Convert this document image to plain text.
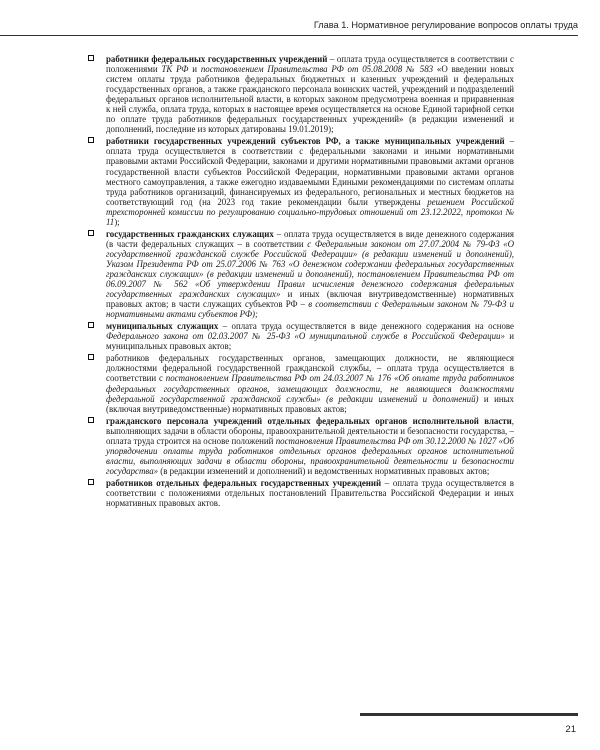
Глава 1. Нормативное регулирование вопросов оплаты труда
работники федеральных государственных учреждений – оплата труда осуществляется в соответствии с положениями ТК РФ и постановлением Правительства РФ от 05.08.2008 № 583 «О введении новых систем оплаты труда работников федеральных бюджетных и казенных учреждений и федеральных государственных органов, а также гражданского персонала воинских частей, учреждений и подразделений федеральных органов исполнительной власти, в которых законом предусмотрена военная и приравненная к ней служба, оплата труда, которых в настоящее время осуществляется на основе Единой тарифной сетки по оплате труда работников федеральных государственных учреждений» (в редакции изменений и дополнений, последние из которых датированы 19.01.2019);
работники государственных учреждений субъектов РФ, а также муниципальных учреждений – оплата труда осуществляется в соответствии с федеральными законами и иными нормативными правовыми актами Российской Федерации, законами и другими нормативными правовыми актами органов государственной власти субъектов Российской Федерации, нормативными правовыми актами органов местного самоуправления, а также ежегодно издаваемыми Едиными рекомендациями по системам оплаты труда работников организаций, финансируемых из федерального, региональных и местных бюджетов на соответствующий год (на 2023 год такие рекомендации были утверждены решением Российской трехсторонней комиссии по регулированию социально-трудовых отношений от 23.12.2022, протокол № 11);
государственных гражданских служащих – оплата труда осуществляется в виде денежного содержания (в части федеральных служащих – в соответствии с Федеральным законом от 27.07.2004 № 79-ФЗ «О государственной гражданской службе Российской Федерации» (в редакции изменений и дополнений), Указом Президента РФ от 25.07.2006 № 763 «О денежном содержании федеральных государственных гражданских служащих» (в редакции изменений и дополнений), постановлением Правительства РФ от 06.09.2007 № 562 «Об утверждении Правил исчисления денежного содержания федеральных государственных гражданских служащих» и иных (включая внутриведомственные) нормативных правовых актов; в части служащих субъектов РФ – в соответствии с Федеральным законом № 79-ФЗ и нормативными актами субъектов РФ);
муниципальных служащих – оплата труда осуществляется в виде денежного содержания на основе Федерального закона от 02.03.2007 № 25-ФЗ «О муниципальной службе в Российской Федерации» и муниципальных правовых актов;
работников федеральных государственных органов, замещающих должности, не являющиеся должностями федеральной государственной гражданской службы, – оплата труда осуществляется в соответствии с постановлением Правительства РФ от 24.03.2007 № 176 «Об оплате труда работников федеральных государственных органов, замещающих должности, не являющиеся должностями федеральной государственной гражданской службы» (в редакции изменений и дополнений) и иных (включая внутриведомственные) нормативных правовых актов;
гражданского персонала учреждений отдельных федеральных органов исполнительной власти, выполняющих задачи в области обороны, правоохранительной деятельности и безопасности государства, – оплата труда строится на основе положений постановления Правительства РФ от 30.12.2000 № 1027 «Об упорядочении оплаты труда работников отдельных органов федеральных органов исполнительной власти, выполняющих задачи в области обороны, правоохранительной деятельности и безопасности государства» (в редакции изменений и дополнений) и ведомственных нормативных правовых актов;
работников отдельных федеральных государственных учреждений – оплата труда осуществляется в соответствии с положениями отдельных постановлений Правительства Российской Федерации и иных нормативных правовых актов.
21
